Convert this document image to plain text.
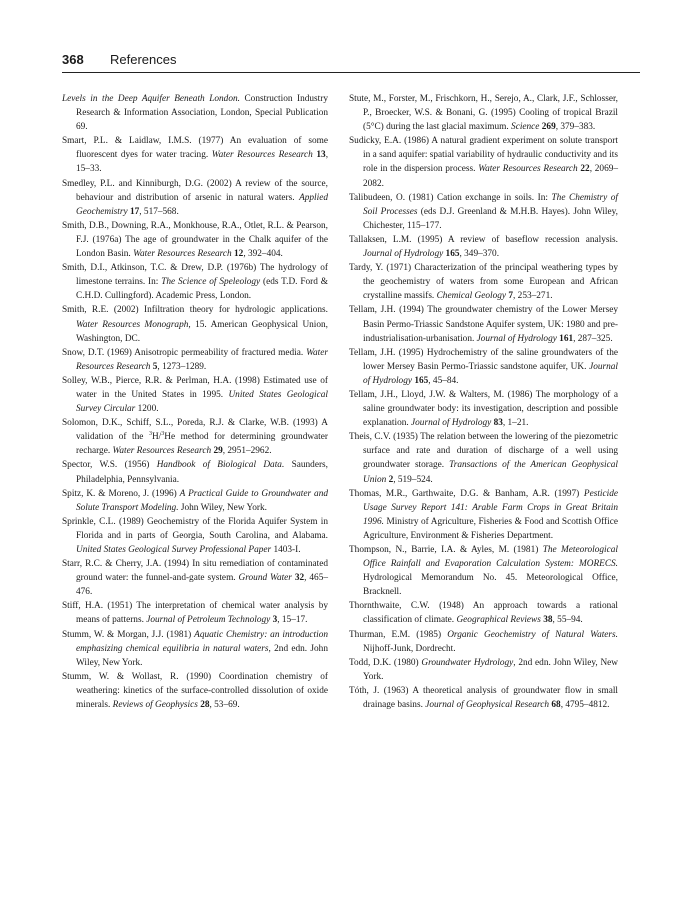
368 References

Levels in the Deep Aquifer Beneath London. Construction Industry Research & Information Association, London, Special Publication 69.

Smart, P.L. & Laidlaw, I.M.S. (1977) An evaluation of some fluorescent dyes for water tracing. Water Resources Research 13, 15–33.

Smedley, P.L. and Kinniburgh, D.G. (2002) A review of the source, behaviour and distribution of arsenic in natural waters. Applied Geochemistry 17, 517–568.

Smith, D.B., Downing, R.A., Monkhouse, R.A., Otlet, R.L. & Pearson, F.J. (1976a) The age of groundwater in the Chalk aquifer of the London Basin. Water Resources Research 12, 392–404.

Smith, D.I., Atkinson, T.C. & Drew, D.P. (1976b) The hydrology of limestone terrains. In: The Science of Speleology (eds T.D. Ford & C.H.D. Cullingford). Academic Press, London.

Smith, R.E. (2002) Infiltration theory for hydrologic applications. Water Resources Monograph, 15. American Geophysical Union, Washington, DC.

Snow, D.T. (1969) Anisotropic permeability of fractured media. Water Resources Research 5, 1273–1289.

Solley, W.B., Pierce, R.R. & Perlman, H.A. (1998) Estimated use of water in the United States in 1995. United States Geological Survey Circular 1200.

Solomon, D.K., Schiff, S.L., Poreda, R.J. & Clarke, W.B. (1993) A validation of the $^3$H/$^3$He method for determining groundwater recharge. Water Resources Research 29, 2951–2962.

Spector, W.S. (1956) Handbook of Biological Data. Saunders, Philadelphia, Pennsylvania.

Spitz, K. & Moreno, J. (1996) A Practical Guide to Groundwater and Solute Transport Modeling. John Wiley, New York.

Sprinkle, C.L. (1989) Geochemistry of the Florida Aquifer System in Florida and in parts of Georgia, South Carolina, and Alabama. United States Geological Survey Professional Paper 1403-I.

Starr, R.C. & Cherry, J.A. (1994) In situ remediation of contaminated ground water: the funnel-and-gate system. Ground Water 32, 465–476.

Stiff, H.A. (1951) The interpretation of chemical water analysis by means of patterns. Journal of Petroleum Technology 3, 15–17.

Stumm, W. & Morgan, J.J. (1981) Aquatic Chemistry: an introduction emphasizing chemical equilibria in natural waters, 2nd edn. John Wiley, New York.

Stumm, W. & Wollast, R. (1990) Coordination chemistry of weathering: kinetics of the surface-controlled dissolution of oxide minerals. Reviews of Geophysics 28, 53–69.

Stute, M., Forster, M., Frischkorn, H., Serejo, A., Clark, J.F., Schlosser, P., Broecker, W.S. & Bonani, G. (1995) Cooling of tropical Brazil (5°C) during the last glacial maximum. Science 269, 379–383.

Sudicky, E.A. (1986) A natural gradient experiment on solute transport in a sand aquifer: spatial variability of hydraulic conductivity and its role in the dispersion process. Water Resources Research 22, 2069–2082.

Talibudeen, O. (1981) Cation exchange in soils. In: The Chemistry of Soil Processes (eds D.J. Greenland & M.H.B. Hayes). John Wiley, Chichester, 115–177.

Tallaksen, L.M. (1995) A review of baseflow recession analysis. Journal of Hydrology 165, 349–370.

Tardy, Y. (1971) Characterization of the principal weathering types by the geochemistry of waters from some European and African crystalline massifs. Chemical Geology 7, 253–271.

Tellam, J.H. (1994) The groundwater chemistry of the Lower Mersey Basin Permo-Triassic Sandstone Aquifer system, UK: 1980 and pre-industrialisation-urbanisation. Journal of Hydrology 161, 287–325.

Tellam, J.H. (1995) Hydrochemistry of the saline groundwaters of the lower Mersey Basin Permo-Triassic sandstone aquifer, UK. Journal of Hydrology 165, 45–84.

Tellam, J.H., Lloyd, J.W. & Walters, M. (1986) The morphology of a saline groundwater body: its investigation, description and possible explanation. Journal of Hydrology 83, 1–21.

Theis, C.V. (1935) The relation between the lowering of the piezometric surface and rate and duration of discharge of a well using groundwater storage. Transactions of the American Geophysical Union 2, 519–524.

Thomas, M.R., Garthwaite, D.G. & Banham, A.R. (1997) Pesticide Usage Survey Report 141: Arable Farm Crops in Great Britain 1996. Ministry of Agriculture, Fisheries & Food and Scottish Office Agriculture, Environment & Fisheries Department.

Thompson, N., Barrie, I.A. & Ayles, M. (1981) The Meteorological Office Rainfall and Evaporation Calculation System: MORECS. Hydrological Memorandum No. 45. Meteorological Office, Bracknell.

Thornthwaite, C.W. (1948) An approach towards a rational classification of climate. Geographical Reviews 38, 55–94.

Thurman, E.M. (1985) Organic Geochemistry of Natural Waters. Nijhoff-Junk, Dordrecht.

Todd, D.K. (1980) Groundwater Hydrology, 2nd edn. John Wiley, New York.

Tóth, J. (1963) A theoretical analysis of groundwater flow in small drainage basins. Journal of Geophysical Research 68, 4795–4812.
